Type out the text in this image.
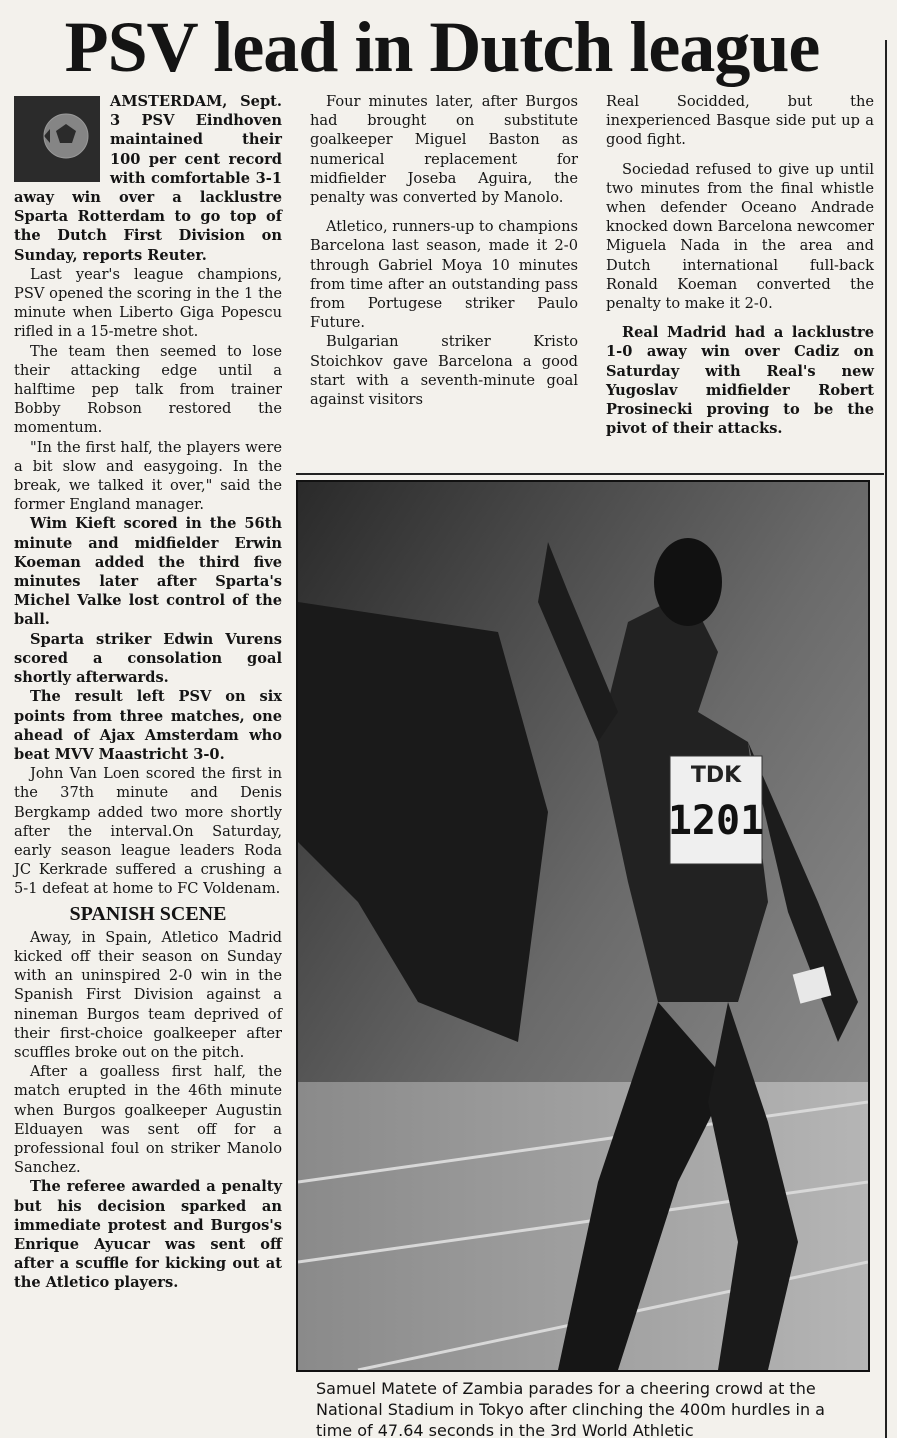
PSV lead in Dutch league

AMSTERDAM, Sept. 3 PSV Eindhoven maintained their 100 per cent record with comfortable 3-1 away win over a lacklustre Sparta Rotterdam to go top of the Dutch First Division on Sunday, reports Reuter.

Last year's league champions, PSV opened the scoring in the 1 the minute when Liberto Giga Popescu rifled in a 15-metre shot.

The team then seemed to lose their attacking edge until a halftime pep talk from trainer Bobby Robson restored the momentum.

"In the first half, the players were a bit slow and easygoing. In the break, we talked it over," said the former England manager.

Wim Kieft scored in the 56th minute and midfielder Erwin Koeman added the third five minutes later after Sparta's Michel Valke lost control of the ball.

Sparta striker Edwin Vurens scored a consolation goal shortly afterwards.

The result left PSV on six points from three matches, one ahead of Ajax Amsterdam who beat MVV Maastricht 3-0.

John Van Loen scored the first in the 37th minute and Denis Bergkamp added two more shortly after the interval.On Saturday, early season league leaders Roda JC Kerkrade suffered a crushing a 5-1 defeat at home to FC Voldenam.

SPANISH SCENE

Away, in Spain, Atletico Madrid kicked off their season on Sunday with an uninspired 2-0 win in the Spanish First Division against a nineman Burgos team deprived of their first-choice goalkeeper after scuffles broke out on the pitch.

After a goalless first half, the match erupted in the 46th minute when Burgos goalkeeper Augustin Elduayen was sent off for a professional foul on striker Manolo Sanchez.

The referee awarded a penalty but his decision sparked an immediate protest and Burgos's Enrique Ayucar was sent off after a scuffle for kicking out at the Atletico players.

Four minutes later, after Burgos had brought on substitute goalkeeper Miguel Baston as numerical replacement for midfielder Joseba Aguira, the penalty was converted by Manolo.

Atletico, runners-up to champions Barcelona last season, made it 2-0 through Gabriel Moya 10 minutes from time after an outstanding pass from Portugese striker Paulo Future.

Bulgarian striker Kristo Stoichkov gave Barcelona a good start with a seventh-minute goal against visitors

Real Socidded, but the inexperienced Basque side put up a good fight.

Sociedad refused to give up until two minutes from the final whistle when defender Oceano Andrade knocked down Barcelona newcomer Miguela Nada in the area and Dutch international full-back Ronald Koeman converted the penalty to make it 2-0.

Real Madrid had a lacklustre 1-0 away win over Cadiz on Saturday with Real's new Yugoslav midfielder Robert Prosinecki proving to be the pivot of their attacks.

TDK
1201
Samuel Matete of Zambia parades for a cheering crowd at the National Stadium in Tokyo after clinching the 400m hurdles in a time of 47.64 seconds in the 3rd World Athletic
